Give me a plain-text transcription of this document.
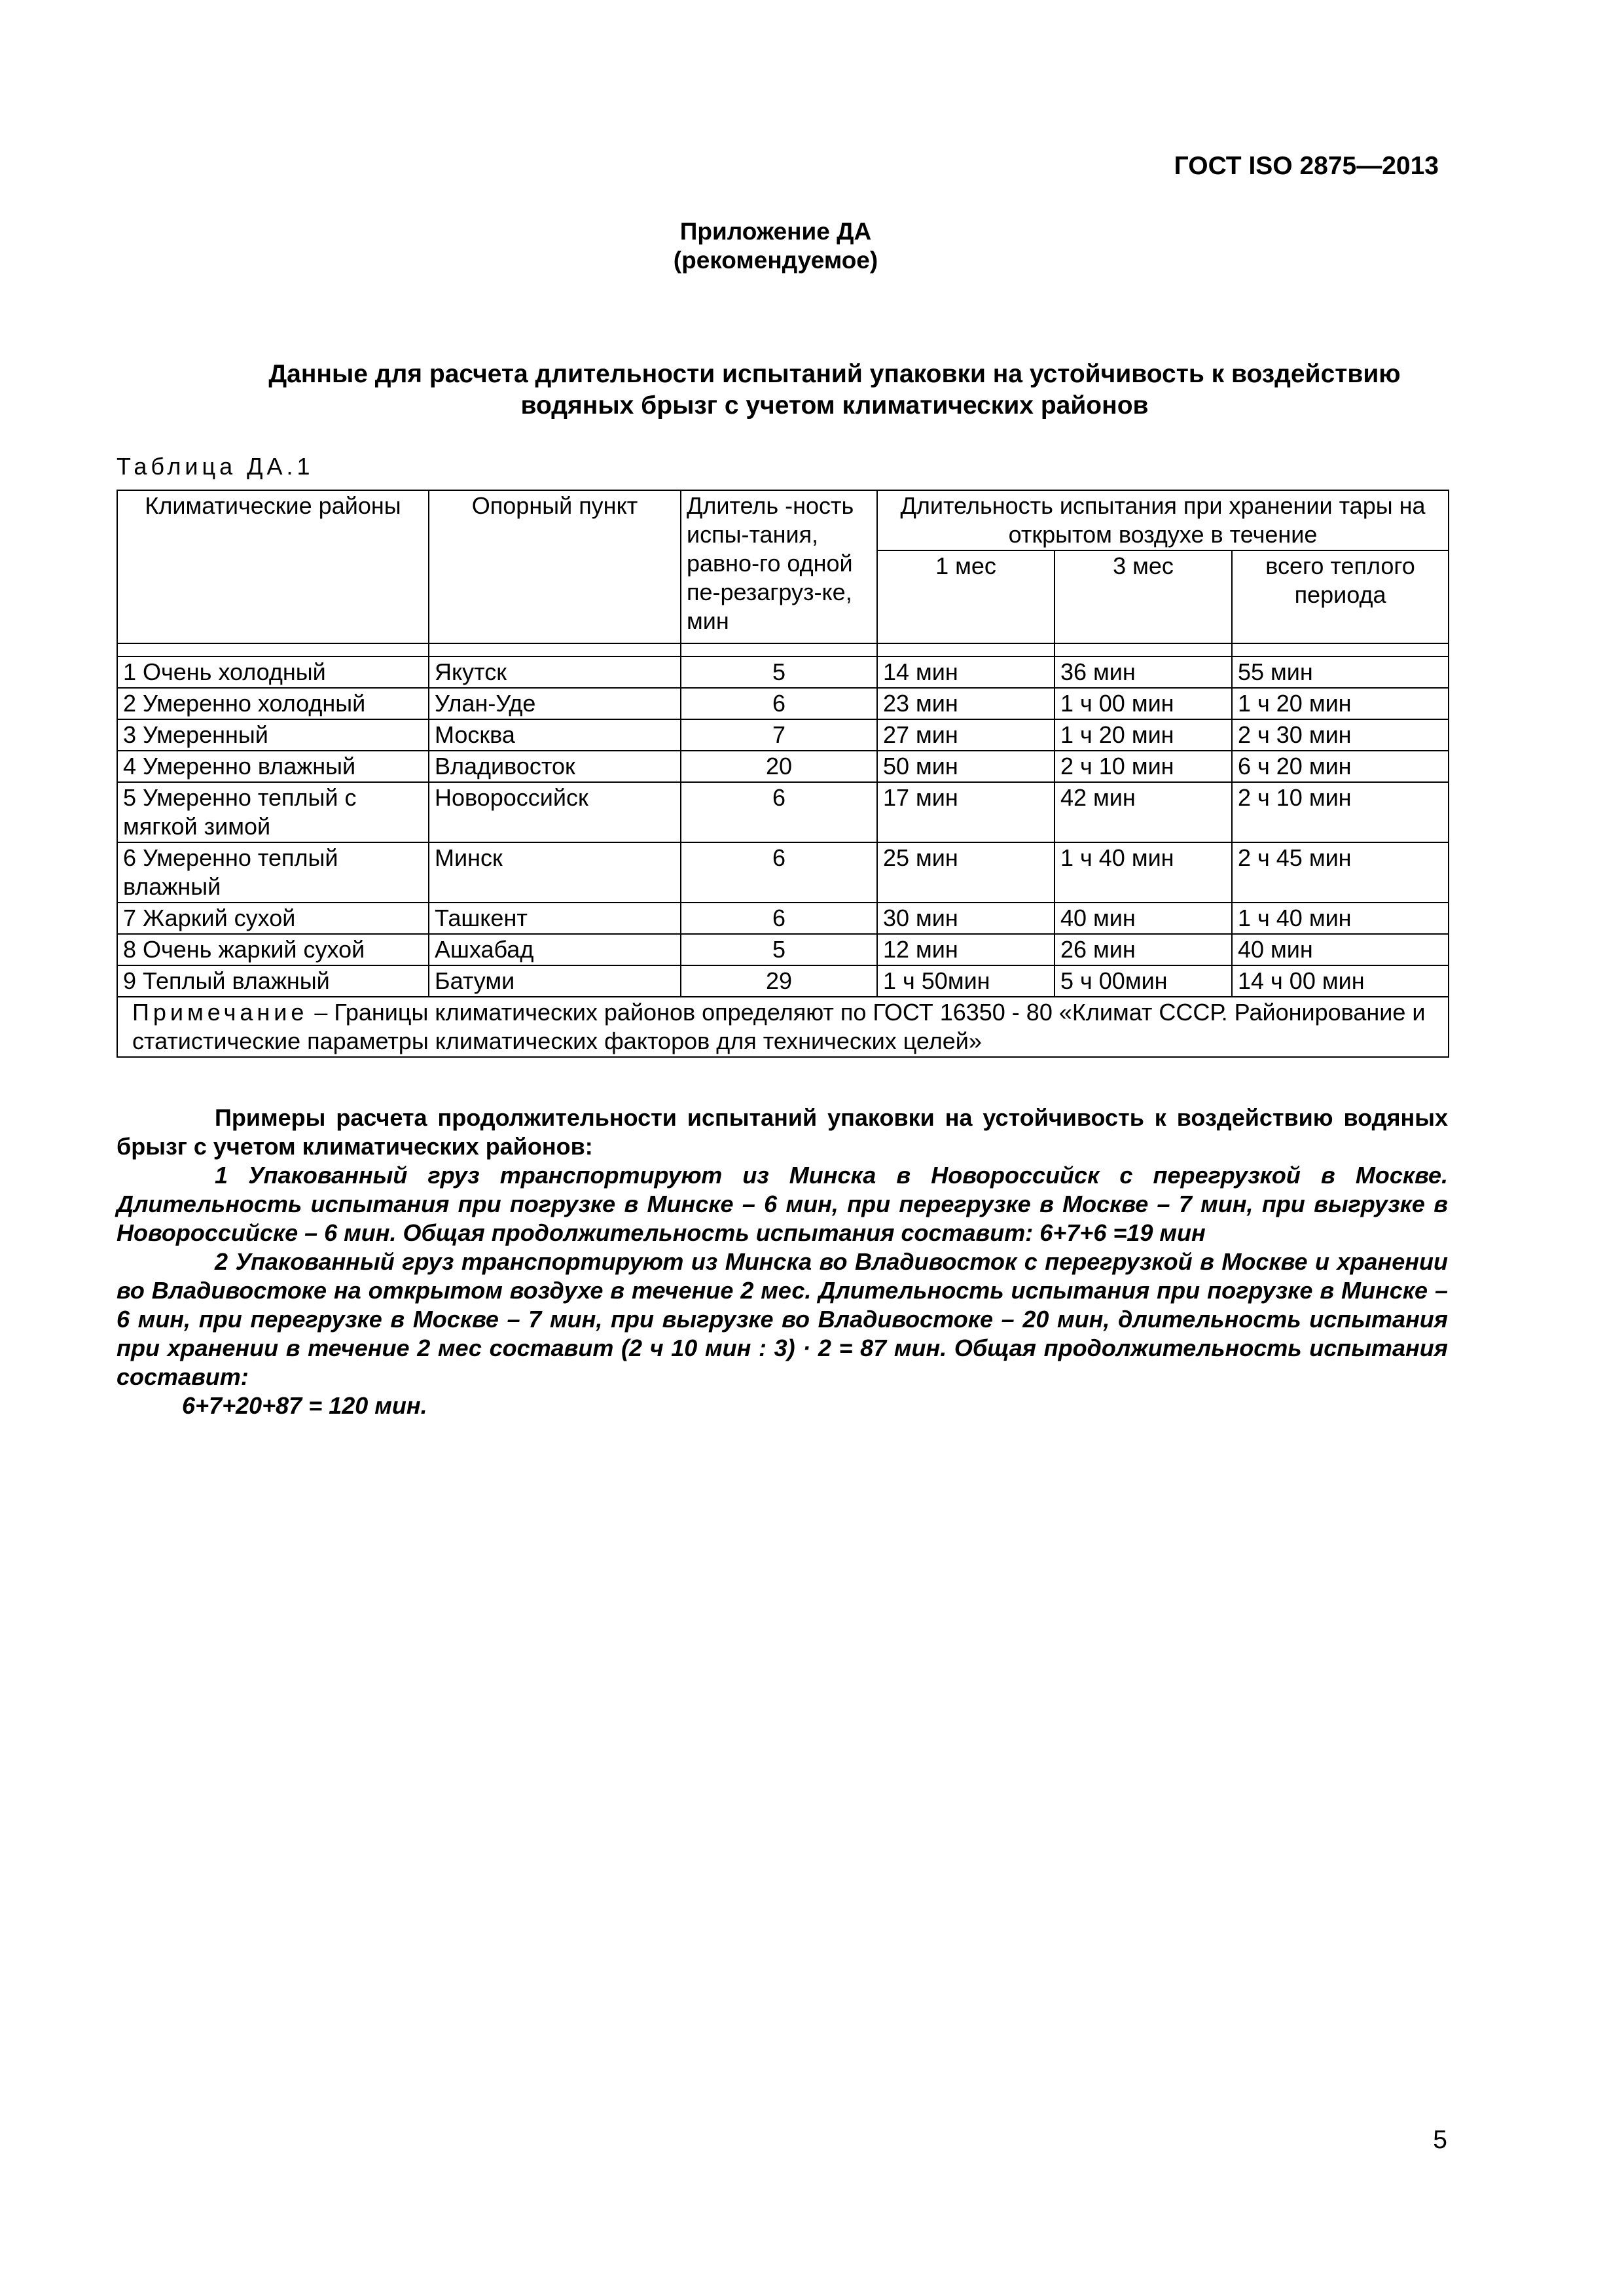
ГОСТ ISO 2875—2013
Приложение ДА
(рекомендуемое)
Данные для расчета длительности испытаний упаковки на устойчивость к воздействию
водяных брызг с учетом климатических районов
Таблица ДА.1
Климатические районы	Опорный пункт	Длитель -ность испы-тания, равно-го одной пе-резагруз-ке, мин	Длительность испытания при хранении тары на открытом воздухе в течение		
			1 мес	3 мес	всего теплого периода

1 Очень холодный	Якутск	5	14 мин	36 мин	55 мин
2 Умеренно холодный	Улан-Уде	6	23 мин	1 ч 00 мин	1 ч 20 мин
3 Умеренный	Москва	7	27 мин	1 ч 20 мин	2 ч 30 мин
4 Умеренно влажный	Владивосток	20	50 мин	2 ч 10 мин	6 ч 20 мин
5 Умеренно теплый с мягкой зимой	Новороссийск	6	17 мин	42 мин	2 ч 10 мин
6 Умеренно теплый влажный	Минск	6	25 мин	1 ч 40 мин	2 ч 45 мин
7 Жаркий сухой	Ташкент	6	30 мин	40 мин	1 ч 40 мин
8 Очень жаркий сухой	Ашхабад	5	12 мин	26 мин	40 мин
9 Теплый влажный	Батуми	29	1 ч 50мин	5 ч 00мин	14 ч 00 мин
Примечание – Границы климатических районов определяют по ГОСТ 16350 - 80 «Климат СССР. Районирование и статистические параметры климатических факторов для технических целей»					

Примеры расчета продолжительности испытаний упаковки на устойчивость к воздействию водяных брызг с учетом климатических районов:

1 Упакованный груз транспортируют из Минска в Новороссийск с перегрузкой в Москве. Длительность испытания при погрузке в Минске – 6 мин, при перегрузке в Москве – 7 мин, при выгрузке в Новороссийске – 6 мин. Общая продолжительность испытания составит: 6+7+6 =19 мин

2 Упакованный груз транспортируют из Минска во Владивосток с перегрузкой в Москве и хранении во Владивостоке на открытом воздухе в течение 2 мес. Длительность испытания при погрузке в Минске – 6 мин, при перегрузке в Москве – 7 мин, при выгрузке во Владивостоке – 20 мин, длительность испытания при хранении в течение 2 мес составит (2 ч 10 мин : 3) · 2 = 87 мин. Общая продолжительность испытания составит:

6+7+20+87 = 120 мин.

5
